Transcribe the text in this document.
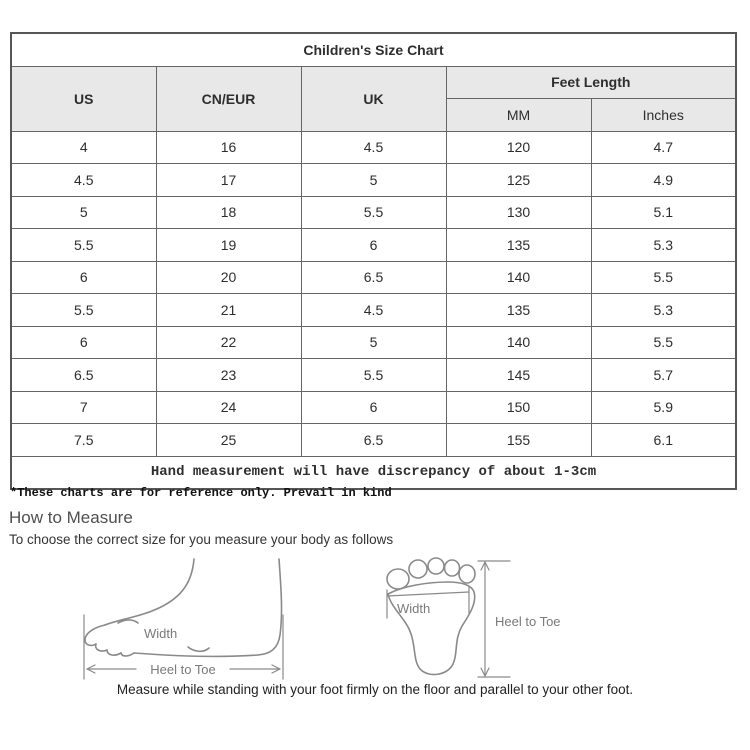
Children's Size Chart				
US	CN/EUR	UK	Feet Length	
			MM	Inches
4	16	4.5	120	4.7
4.5	17	5	125	4.9
5	18	5.5	130	5.1
5.5	19	6	135	5.3
6	20	6.5	140	5.5
5.5	21	4.5	135	5.3
6	22	5	140	5.5
6.5	23	5.5	145	5.7
7	24	6	150	5.9
7.5	25	6.5	155	6.1
Hand measurement will have discrepancy of about 1-3cm				
*These charts are for reference only. Prevail in kind
How to Measure
To choose the correct size for you measure your body as follows
Width
Heel to Toe
Width
Heel to Toe
Measure while standing with your foot firmly on the floor and parallel to your other foot.
